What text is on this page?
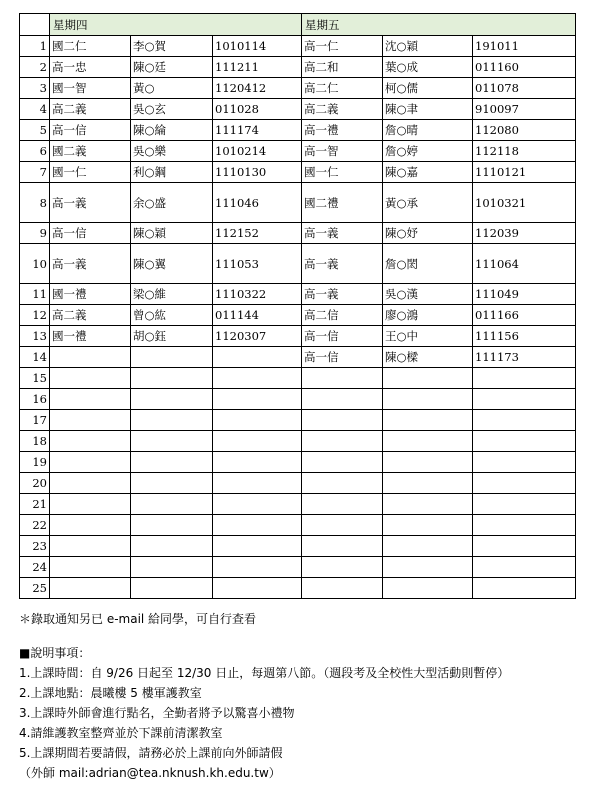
	星期四			星期五		
1	國二仁	李○賀	1010114	高一仁	沈○穎	191011
2	高一忠	陳○廷	111211	高二和	葉○成	011160
3	國一智	黃○	1120412	高二仁	柯○儒	011078
4	高二義	吳○玄	011028	高二義	陳○聿	910097
5	高一信	陳○綸	111174	高一禮	詹○晴	112080
6	國二義	吳○樂	1010214	高一智	詹○婷	112118
7	國一仁	利○鋼	1110130	國一仁	陳○嘉	1110121
8	高一義	余○盛	111046	國二禮	黃○承	1010321
9	高一信	陳○穎	112152	高一義	陳○妤	112039
10	高一義	陳○翼	111053	高一義	詹○閎	111064
11	國一禮	梁○維	1110322	高一義	吳○漢	111049
12	高二義	曾○紘	011144	高二信	廖○鴻	011166
13	國一禮	胡○鈺	1120307	高一信	王○中	111156
14				高一信	陳○樑	111173
15						
16						
17						
18						
19						
20						
21						
22						
23						
24						
25						
＊錄取通知另已 e-mail 給同學，可自行查看
■說明事項：
1.上課時間：自 9/26 日起至 12/30 日止，每週第八節。（週段考及全校性大型活動則暫停）
2.上課地點：晨曦樓 5 樓軍護教室
3.上課時外師會進行點名，全勤者將予以驚喜小禮物
4.請維護教室整齊並於下課前清潔教室
5.上課期間若要請假，請務必於上課前向外師請假
（外師 mail:adrian@tea.nknush.kh.edu.tw）
